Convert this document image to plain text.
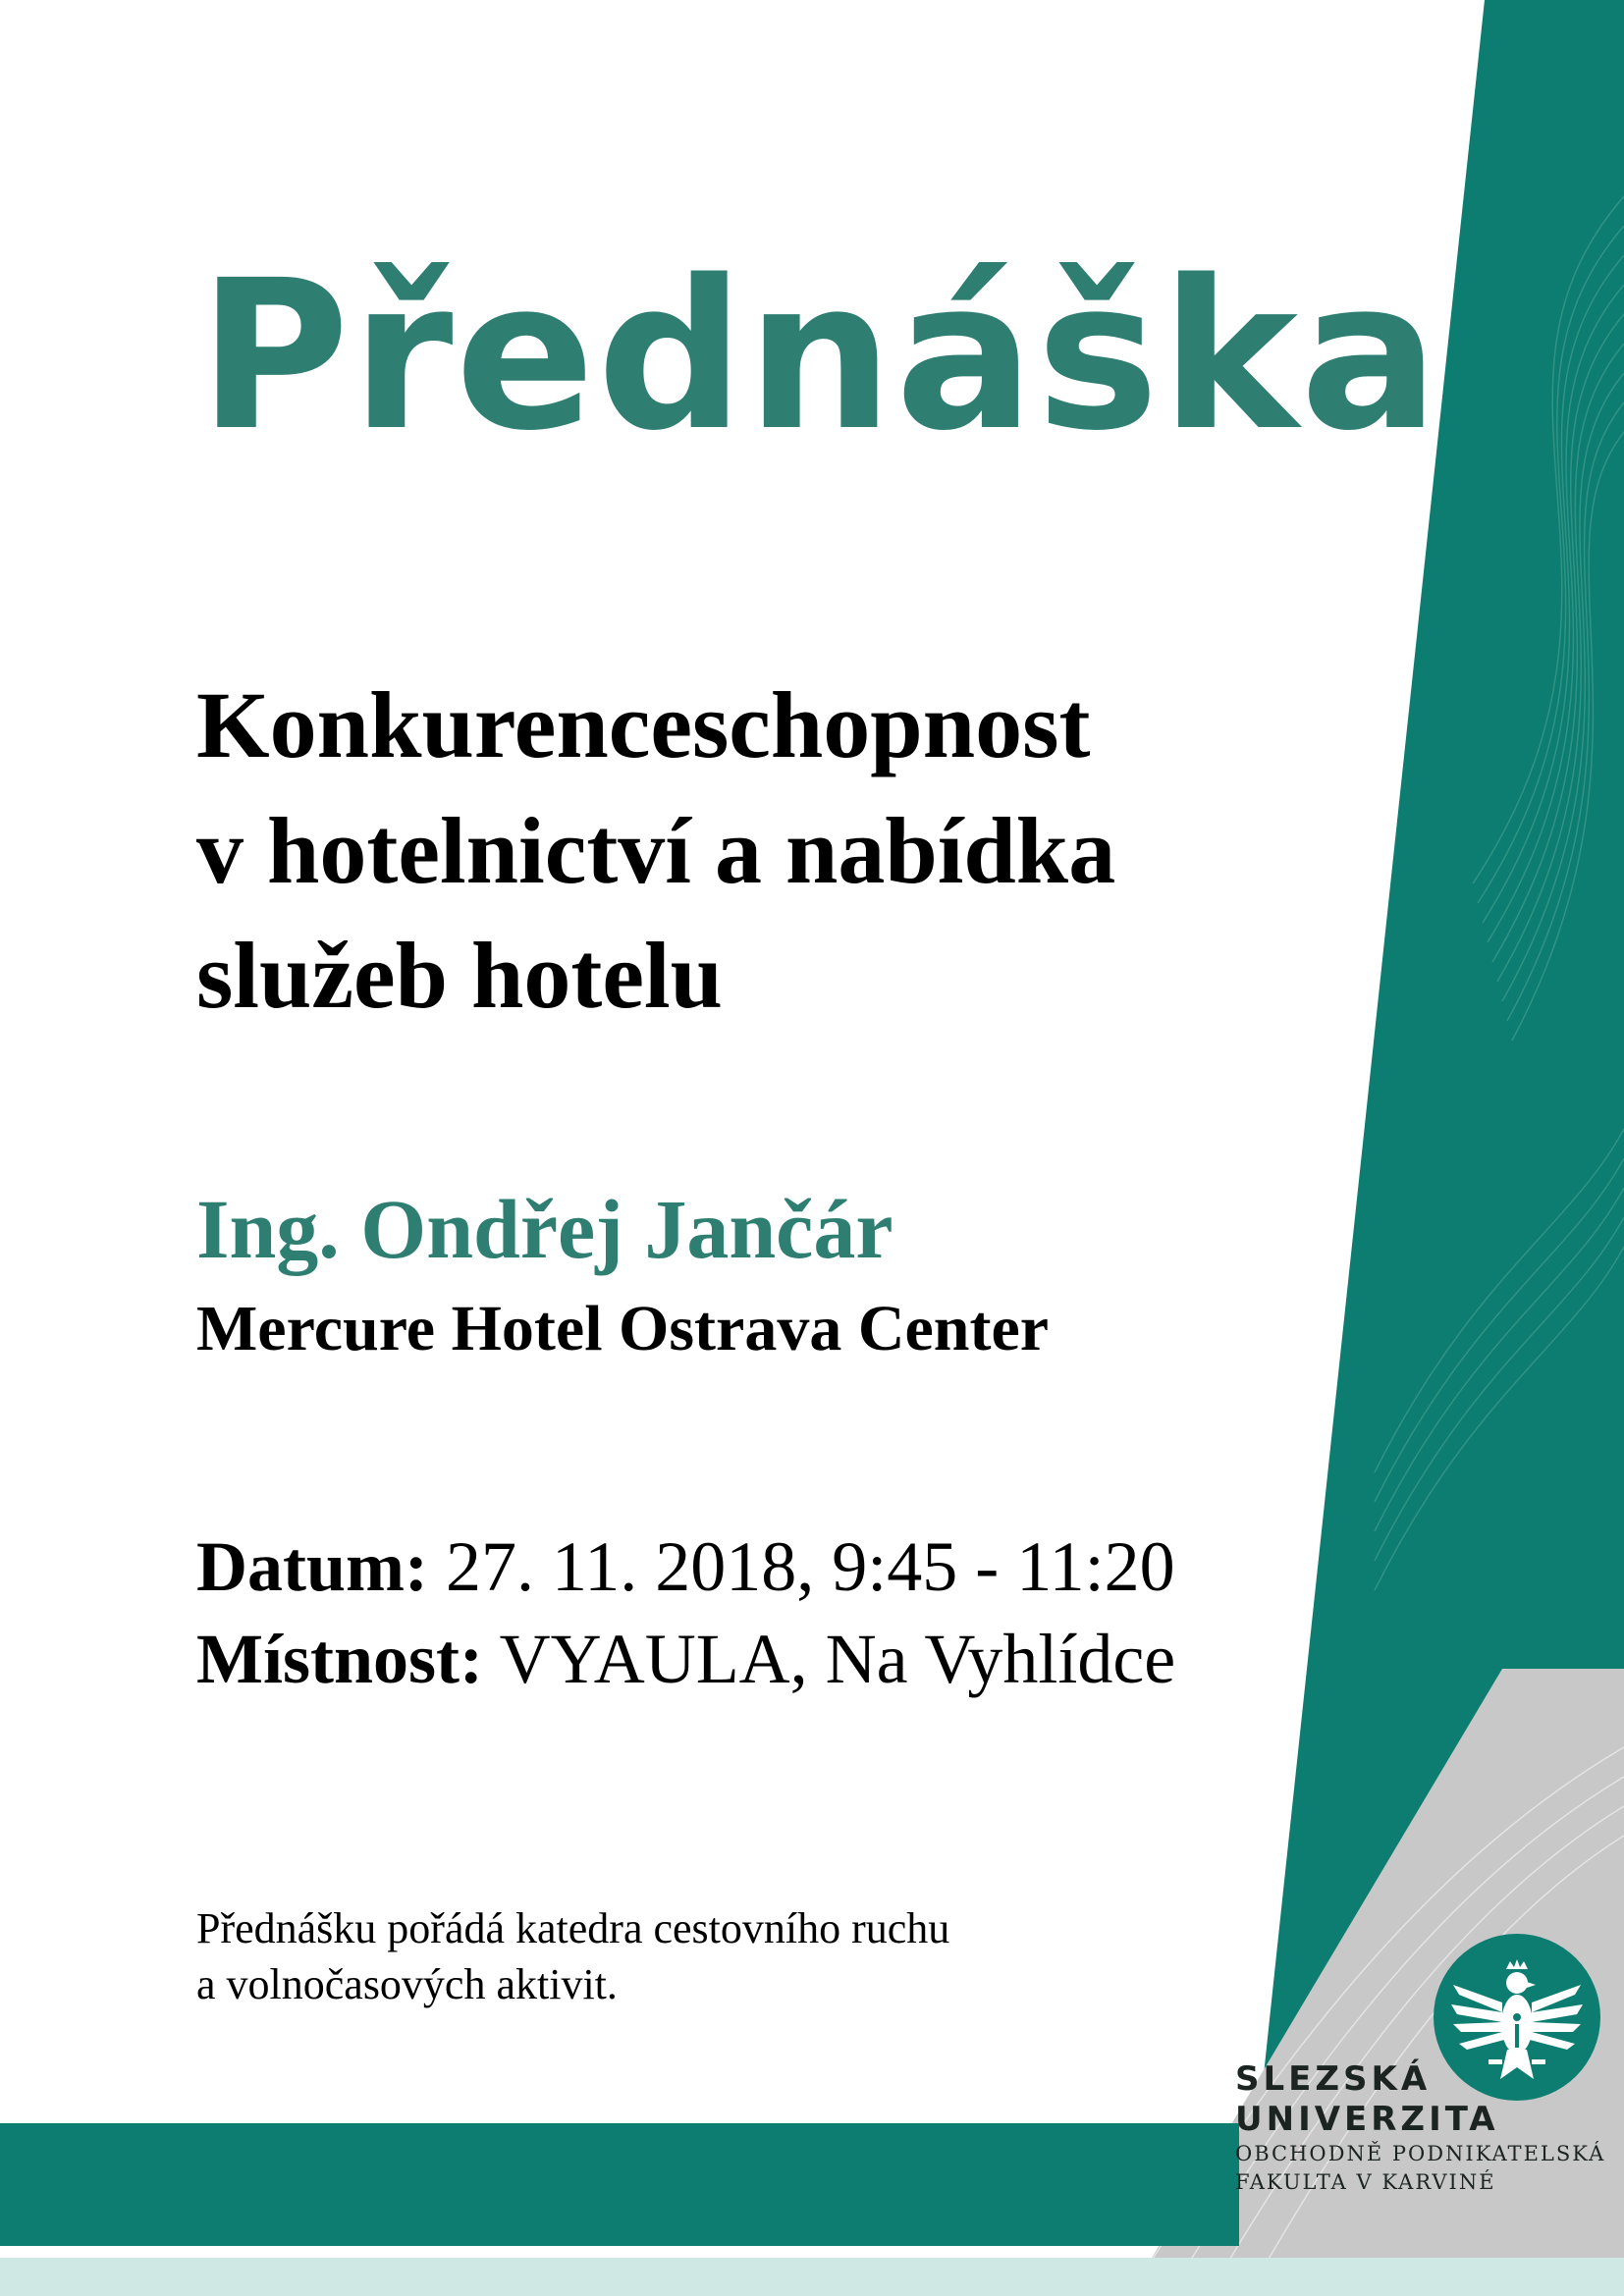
Přednáška
Konkurenceschopnost
v hotelnictví a nabídka
služeb hotelu
Ing. Ondřej Jančár
Mercure Hotel Ostrava Center
Datum: 27. 11. 2018, 9:45 - 11:20
Místnost: VYAULA, Na Vyhlídce
Přednášku pořádá katedra cestovního ruchu
a volnočasových aktivit.
SLEZSKÁ
UNIVERZITA
OBCHODNĚ PODNIKATELSKÁ
FAKULTA V KARVINÉ
